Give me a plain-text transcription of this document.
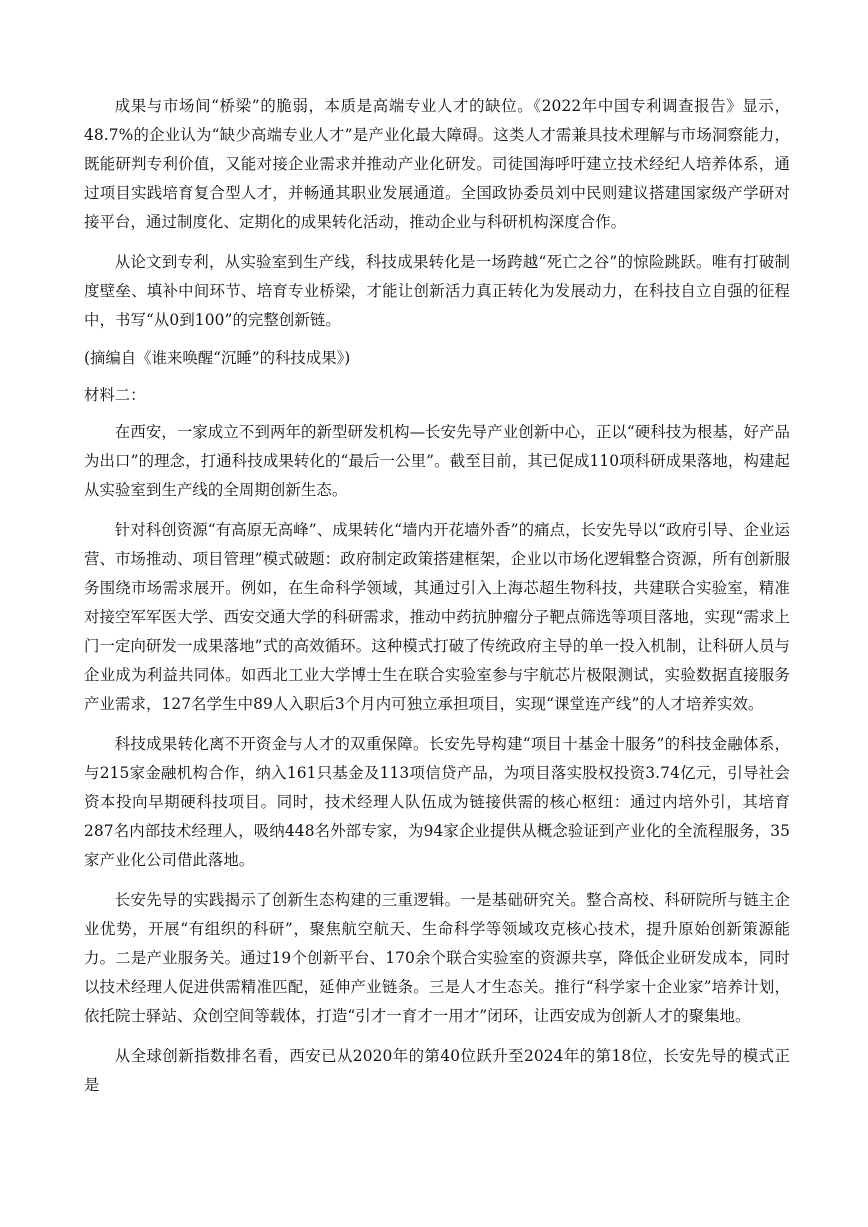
成果与市场间“桥梁”的脆弱，本质是高端专业人才的缺位。《2022年中国专利调查报告》显示，48.7%的企业认为“缺少高端专业人才”是产业化最大障碍。这类人才需兼具技术理解与市场洞察能力，既能研判专利价值，又能对接企业需求并推动产业化研发。司徒国海呼吁建立技术经纪人培养体系，通过项目实践培育复合型人才，并畅通其职业发展通道。全国政协委员刘中民则建议搭建国家级产学研对接平台，通过制度化、定期化的成果转化活动，推动企业与科研机构深度合作。

从论文到专利，从实验室到生产线，科技成果转化是一场跨越“死亡之谷”的惊险跳跃。唯有打破制度壁垒、填补中间环节、培育专业桥梁，才能让创新活力真正转化为发展动力，在科技自立自强的征程中，书写“从0到100”的完整创新链。

(摘编自《谁来唤醒“沉睡”的科技成果》)

材料二：

在西安，一家成立不到两年的新型研发机构—长安先导产业创新中心，正以“硬科技为根基，好产品为出口”的理念，打通科技成果转化的“最后一公里”。截至目前，其已促成110项科研成果落地，构建起从实验室到生产线的全周期创新生态。

针对科创资源“有高原无高峰”、成果转化“墙内开花墙外香”的痛点，长安先导以“政府引导、企业运营、市场推动、项目管理”模式破题：政府制定政策搭建框架，企业以市场化逻辑整合资源，所有创新服务围绕市场需求展开。例如，在生命科学领域，其通过引入上海芯超生物科技，共建联合实验室，精准对接空军军医大学、西安交通大学的科研需求，推动中药抗肿瘤分子靶点筛选等项目落地，实现“需求上门一定向研发一成果落地”式的高效循环。这种模式打破了传统政府主导的单一投入机制，让科研人员与企业成为利益共同体。如西北工业大学博士生在联合实验室参与宇航芯片极限测试，实验数据直接服务产业需求，127名学生中89人入职后3个月内可独立承担项目，实现“课堂连产线”的人才培养实效。

科技成果转化离不开资金与人才的双重保障。长安先导构建“项目十基金十服务”的科技金融体系，与215家金融机构合作，纳入161只基金及113项信贷产品，为项目落实股权投资3.74亿元，引导社会资本投向早期硬科技项目。同时，技术经理人队伍成为链接供需的核心枢纽：通过内培外引，其培育287名内部技术经理人，吸纳448名外部专家，为94家企业提供从概念验证到产业化的全流程服务，35家产业化公司借此落地。

长安先导的实践揭示了创新生态构建的三重逻辑。一是基础研究关。整合高校、科研院所与链主企业优势，开展“有组织的科研”，聚焦航空航天、生命科学等领域攻克核心技术，提升原始创新策源能力。二是产业服务关。通过19个创新平台、170余个联合实验室的资源共享，降低企业研发成本，同时以技术经理人促进供需精准匹配，延伸产业链条。三是人才生态关。推行“科学家十企业家”培养计划，依托院士驿站、众创空间等载体，打造“引才一育才一用才”闭环，让西安成为创新人才的聚集地。

从全球创新指数排名看，西安已从2020年的第40位跃升至2024年的第18位，长安先导的模式正是
